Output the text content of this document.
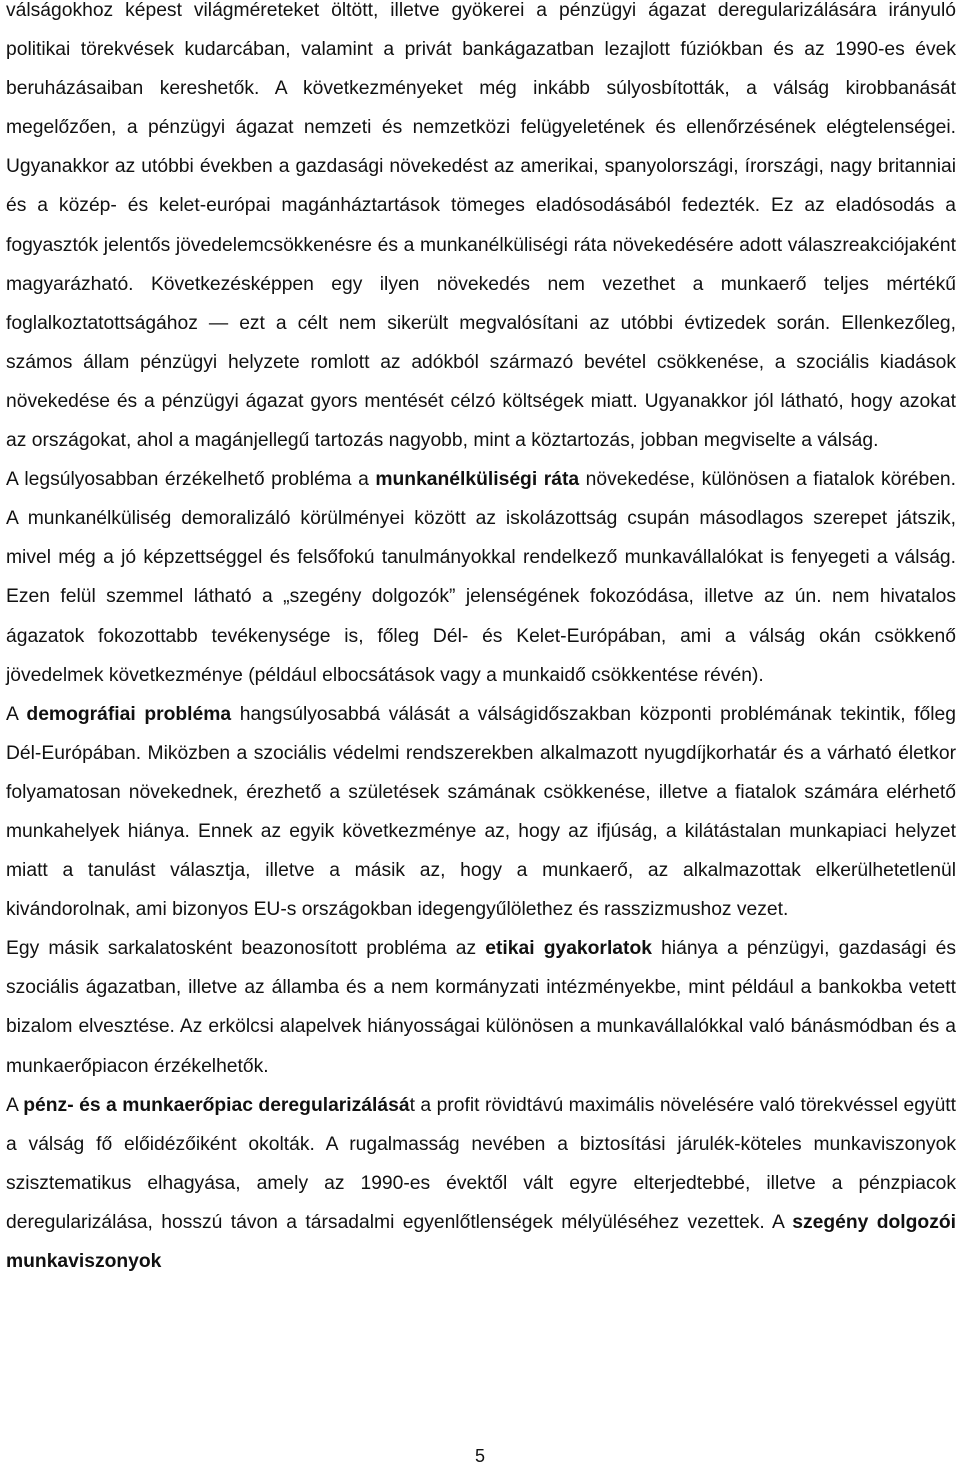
válságokhoz képest világméreteket öltött, illetve gyökerei a pénzügyi ágazat deregularizálására irányuló politikai törekvések kudarcában, valamint a privát bankágazatban lezajlott fúziókban és az 1990-es évek beruházásaiban kereshetők. A következményeket még inkább súlyosbították, a válság kirobbanását megelőzően, a pénzügyi ágazat nemzeti és nemzetközi felügyeletének és ellenőrzésének elégtelenségei. Ugyanakkor az utóbbi években a gazdasági növekedést az amerikai, spanyolországi, írországi, nagy britanniai és a közép- és kelet-európai magánháztartások tömeges eladósodásából fedezték. Ez az eladósodás a fogyasztók jelentős jövedelemcsökkenésre és a munkanélküliségi ráta növekedésére adott válaszreakciójaként magyarázható. Következésképpen egy ilyen növekedés nem vezethet a munkaerő teljes mértékű foglalkoztatottságához ― ezt a célt nem sikerült megvalósítani az utóbbi évtizedek során. Ellenkezőleg, számos állam pénzügyi helyzete romlott az adókból származó bevétel csökkenése, a szociális kiadások növekedése és a pénzügyi ágazat gyors mentését célzó költségek miatt. Ugyanakkor jól látható, hogy azokat az országokat, ahol a magánjellegű tartozás nagyobb, mint a köztartozás, jobban megviselte a válság.

A legsúlyosabban érzékelhető probléma a munkanélküliségi ráta növekedése, különösen a fiatalok körében. A munkanélküliség demoralizáló körülményei között az iskolázottság csupán másodlagos szerepet játszik, mivel még a jó képzettséggel és felsőfokú tanulmányokkal rendelkező munkavállalókat is fenyegeti a válság. Ezen felül szemmel látható a „szegény dolgozók” jelenségének fokozódása, illetve az ún. nem hivatalos ágazatok fokozottabb tevékenysége is, főleg Dél- és Kelet-Európában, ami a válság okán csökkenő jövedelmek következménye (például elbocsátások vagy a munkaidő csökkentése révén).

A demográfiai probléma hangsúlyosabbá válását a válságidőszakban központi problémának tekintik, főleg Dél-Európában. Miközben a szociális védelmi rendszerekben alkalmazott nyugdíjkorhatár és a várható életkor folyamatosan növekednek, érezhető a születések számának csökkenése, illetve a fiatalok számára elérhető munkahelyek hiánya. Ennek az egyik következménye az, hogy az ifjúság, a kilátástalan munkapiaci helyzet miatt a tanulást választja, illetve a másik az, hogy a munkaerő, az alkalmazottak elkerülhetetlenül kivándorolnak, ami bizonyos EU-s országokban idegengyűlölethez és rasszizmushoz vezet.

Egy másik sarkalatosként beazonosított probléma az etikai gyakorlatok hiánya a pénzügyi, gazdasági és szociális ágazatban, illetve az államba és a nem kormányzati intézményekbe, mint például a bankokba vetett bizalom elvesztése. Az erkölcsi alapelvek hiányosságai különösen a munkavállalókkal való bánásmódban és a munkaerőpiacon érzékelhetők.

A pénz- és a munkaerőpiac deregularizálását a profit rövidtávú maximális növelésére való törekvéssel együtt a válság fő előidézőiként okolták. A rugalmasság nevében a biztosítási járulék-köteles munkaviszonyok szisztematikus elhagyása, amely az 1990-es évektől vált egyre elterjedtebbé, illetve a pénzpiacok deregularizálása, hosszú távon a társadalmi egyenlőtlenségek mélyüléséhez vezettek. A szegény dolgozói munkaviszonyok

5
